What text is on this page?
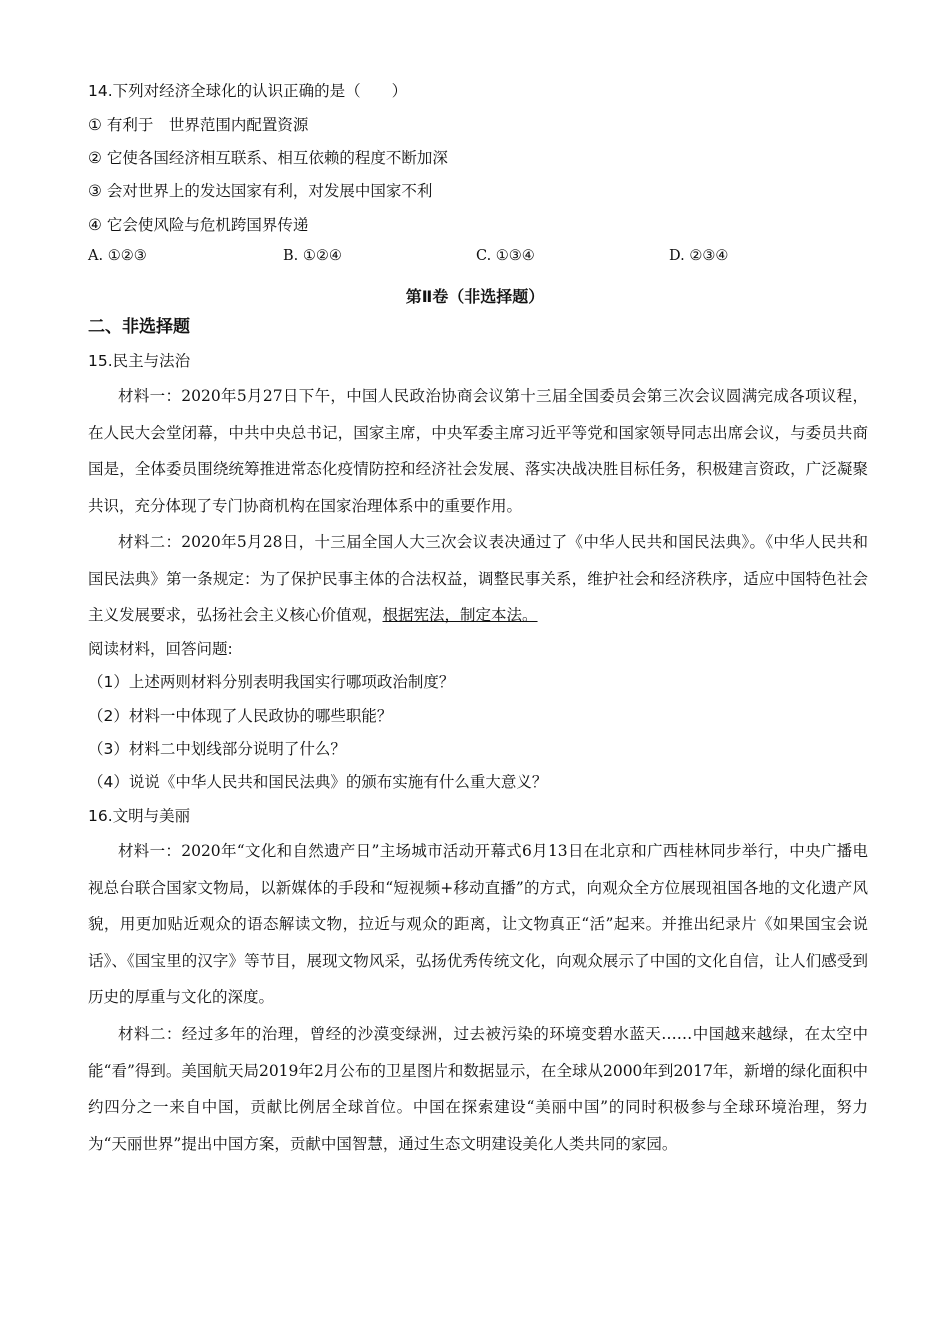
14.下列对经济全球化的认识正确的是（　　）
① 有利于　世界范围内配置资源
② 它使各国经济相互联系、相互依赖的程度不断加深
③ 会对世界上的发达国家有利，对发展中国家不利
④ 它会使风险与危机跨国界传递
A. ①②③	B. ①②④	C. ①③④	D. ②③④
第Ⅱ卷（非选择题）
二、非选择题
15.民主与法治

材料一：2020年5月27日下午，中国人民政治协商会议第十三届全国委员会第三次会议圆满完成各项议程，在人民大会堂闭幕，中共中央总书记，国家主席，中央军委主席习近平等党和国家领导同志出席会议，与委员共商国是，全体委员围绕统筹推进常态化疫情防控和经济社会发展、落实决战决胜目标任务，积极建言资政，广泛凝聚共识，充分体现了专门协商机构在国家治理体系中的重要作用。

材料二：2020年5月28日，十三届全国人大三次会议表决通过了《中华人民共和国民法典》。《中华人民共和国民法典》第一条规定：为了保护民事主体的合法权益，调整民事关系，维护社会和经济秩序，适应中国特色社会主义发展要求，弘扬社会主义核心价值观，根据宪法，制定本法。

阅读材料，回答问题:
（1）上述两则材料分别表明我国实行哪项政治制度？
（2）材料一中体现了人民政协的哪些职能？
（3）材料二中划线部分说明了什么？
（4）说说《中华人民共和国民法典》的颁布实施有什么重大意义？
16.文明与美丽

材料一：2020年“文化和自然遗产日”主场城市活动开幕式6月13日在北京和广西桂林同步举行，中央广播电视总台联合国家文物局，以新媒体的手段和“短视频+移动直播”的方式，向观众全方位展现祖国各地的文化遗产风貌，用更加贴近观众的语态解读文物，拉近与观众的距离，让文物真正“活”起来。并推出纪录片《如果国宝会说话》、《国宝里的汉字》等节目，展现文物风采，弘扬优秀传统文化，向观众展示了中国的文化自信，让人们感受到历史的厚重与文化的深度。

材料二：经过多年的治理，曾经的沙漠变绿洲，过去被污染的环境变碧水蓝天……中国越来越绿，在太空中能“看”得到。美国航天局2019年2月公布的卫星图片和数据显示，在全球从2000年到2017年，新增的绿化面积中约四分之一来自中国，贡献比例居全球首位。中国在探索建设“美丽中国”的同时积极参与全球环境治理，努力为“天丽世界”提出中国方案，贡献中国智慧，通过生态文明建设美化人类共同的家园。
